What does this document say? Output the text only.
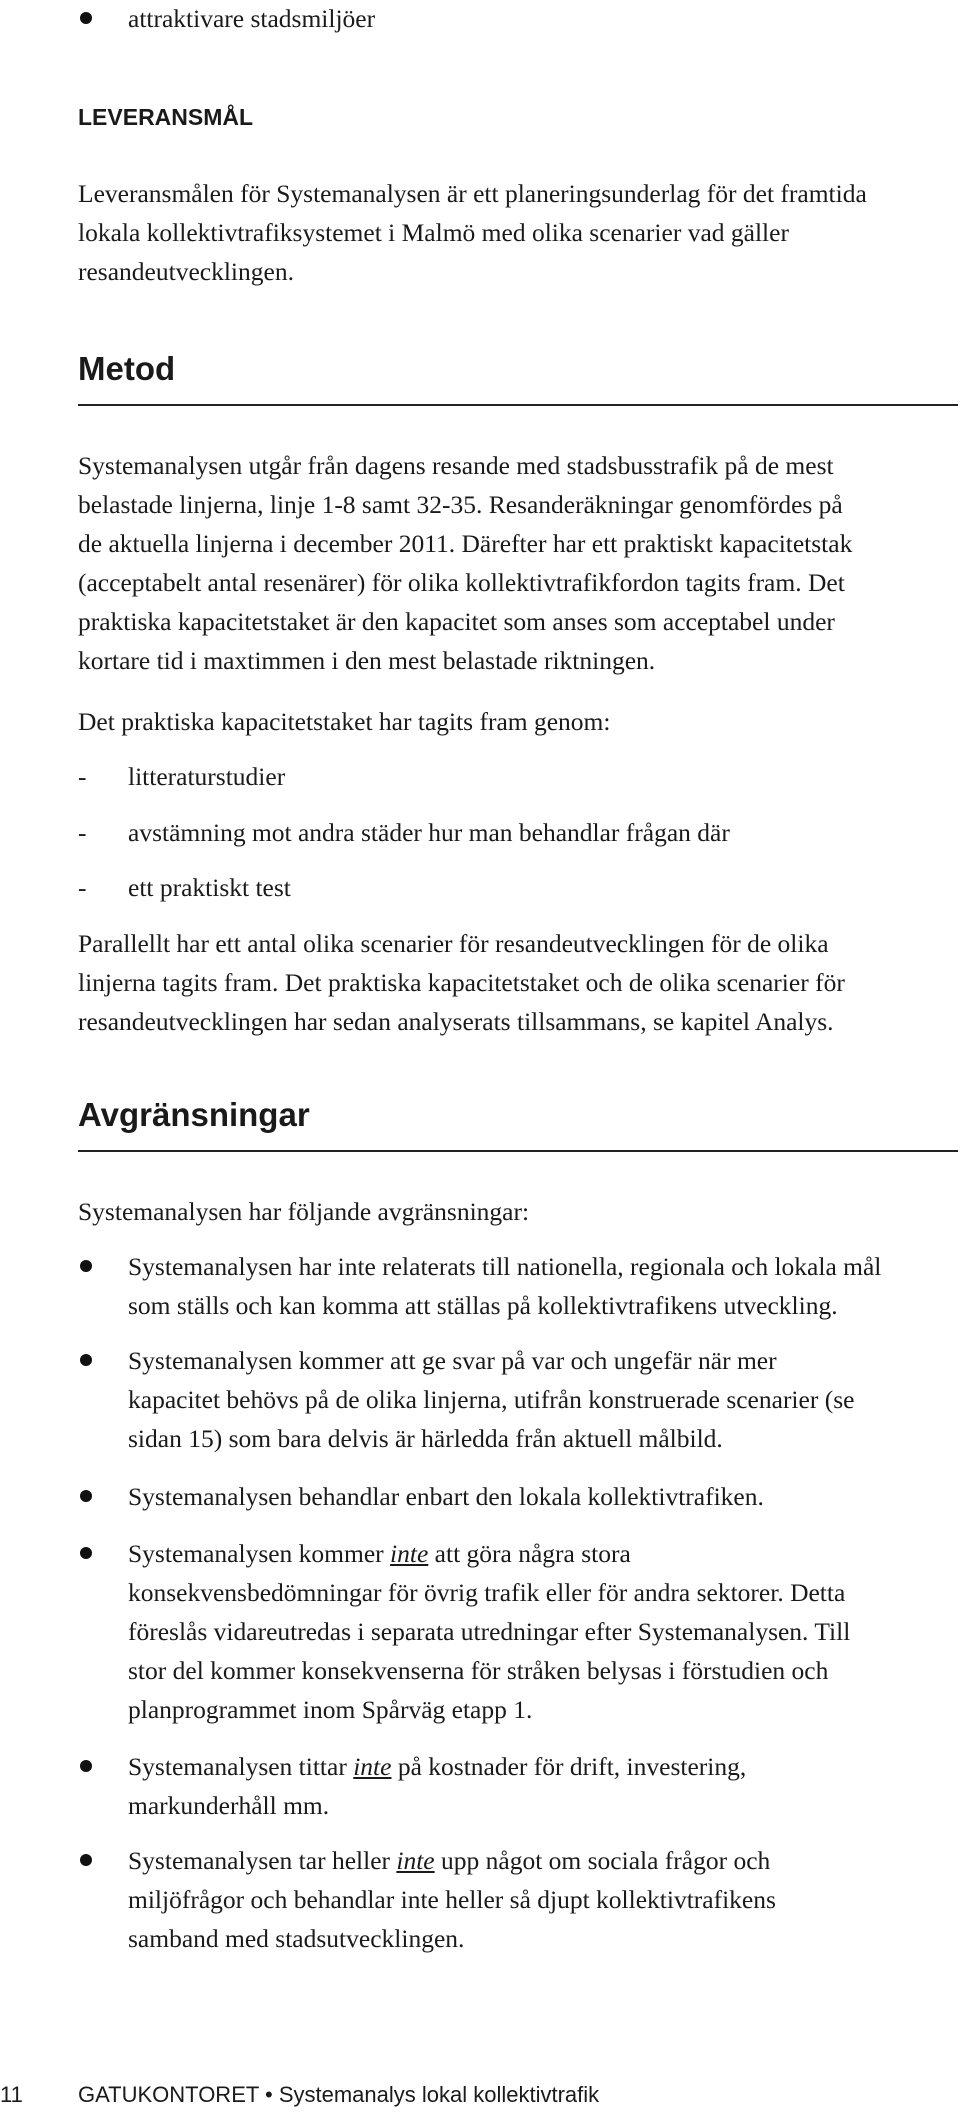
attraktivare stadsmiljöer
LEVERANSMÅL

Leveransmålen för Systemanalysen är ett planeringsunderlag för det framtida

lokala kollektivtrafiksystemet i Malmö med olika scenarier vad gäller

resandeutvecklingen.

Metod

Systemanalysen utgår från dagens resande med stadsbusstrafik på de mest

belastade linjerna, linje 1-8 samt 32-35. Resanderäkningar genomfördes på

de aktuella linjerna i december 2011. Därefter har ett praktiskt kapacitetstak

(acceptabelt antal resenärer) för olika kollektivtrafikfordon tagits fram. Det

praktiska kapacitetstaket är den kapacitet som anses som acceptabel under

kortare tid i maxtimmen i den mest belastade riktningen.

Det praktiska kapacitetstaket har tagits fram genom:
- litteraturstudier
- avstämning mot andra städer hur man behandlar frågan där
- ett praktiskt test

Parallellt har ett antal olika scenarier för resandeutvecklingen för de olika

linjerna tagits fram. Det praktiska kapacitetstaket och de olika scenarier för

resandeutvecklingen har sedan analyserats tillsammans, se kapitel Analys.

Avgränsningar
Systemanalysen har följande avgränsningar:

Systemanalysen har inte relaterats till nationella, regionala och lokala mål

som ställs och kan komma att ställas på kollektivtrafikens utveckling.

Systemanalysen kommer att ge svar på var och ungefär när mer

kapacitet behövs på de olika linjerna, utifrån konstruerade scenarier (se

sidan 15) som bara delvis är härledda från aktuell målbild.

Systemanalysen behandlar enbart den lokala kollektivtrafiken.

Systemanalysen kommer inte att göra några stora

konsekvensbedömningar för övrig trafik eller för andra sektorer. Detta

föreslås vidareutredas i separata utredningar efter Systemanalysen. Till

stor del kommer konsekvenserna för stråken belysas i förstudien och

planprogrammet inom Spårväg etapp 1.

Systemanalysen tittar inte på kostnader för drift, investering,

markunderhåll mm.

Systemanalysen tar heller inte upp något om sociala frågor och

miljöfrågor och behandlar inte heller så djupt kollektivtrafikens

samband med stadsutvecklingen.

11	GATUKONTORET • Systemanalys lokal kollektivtrafik
